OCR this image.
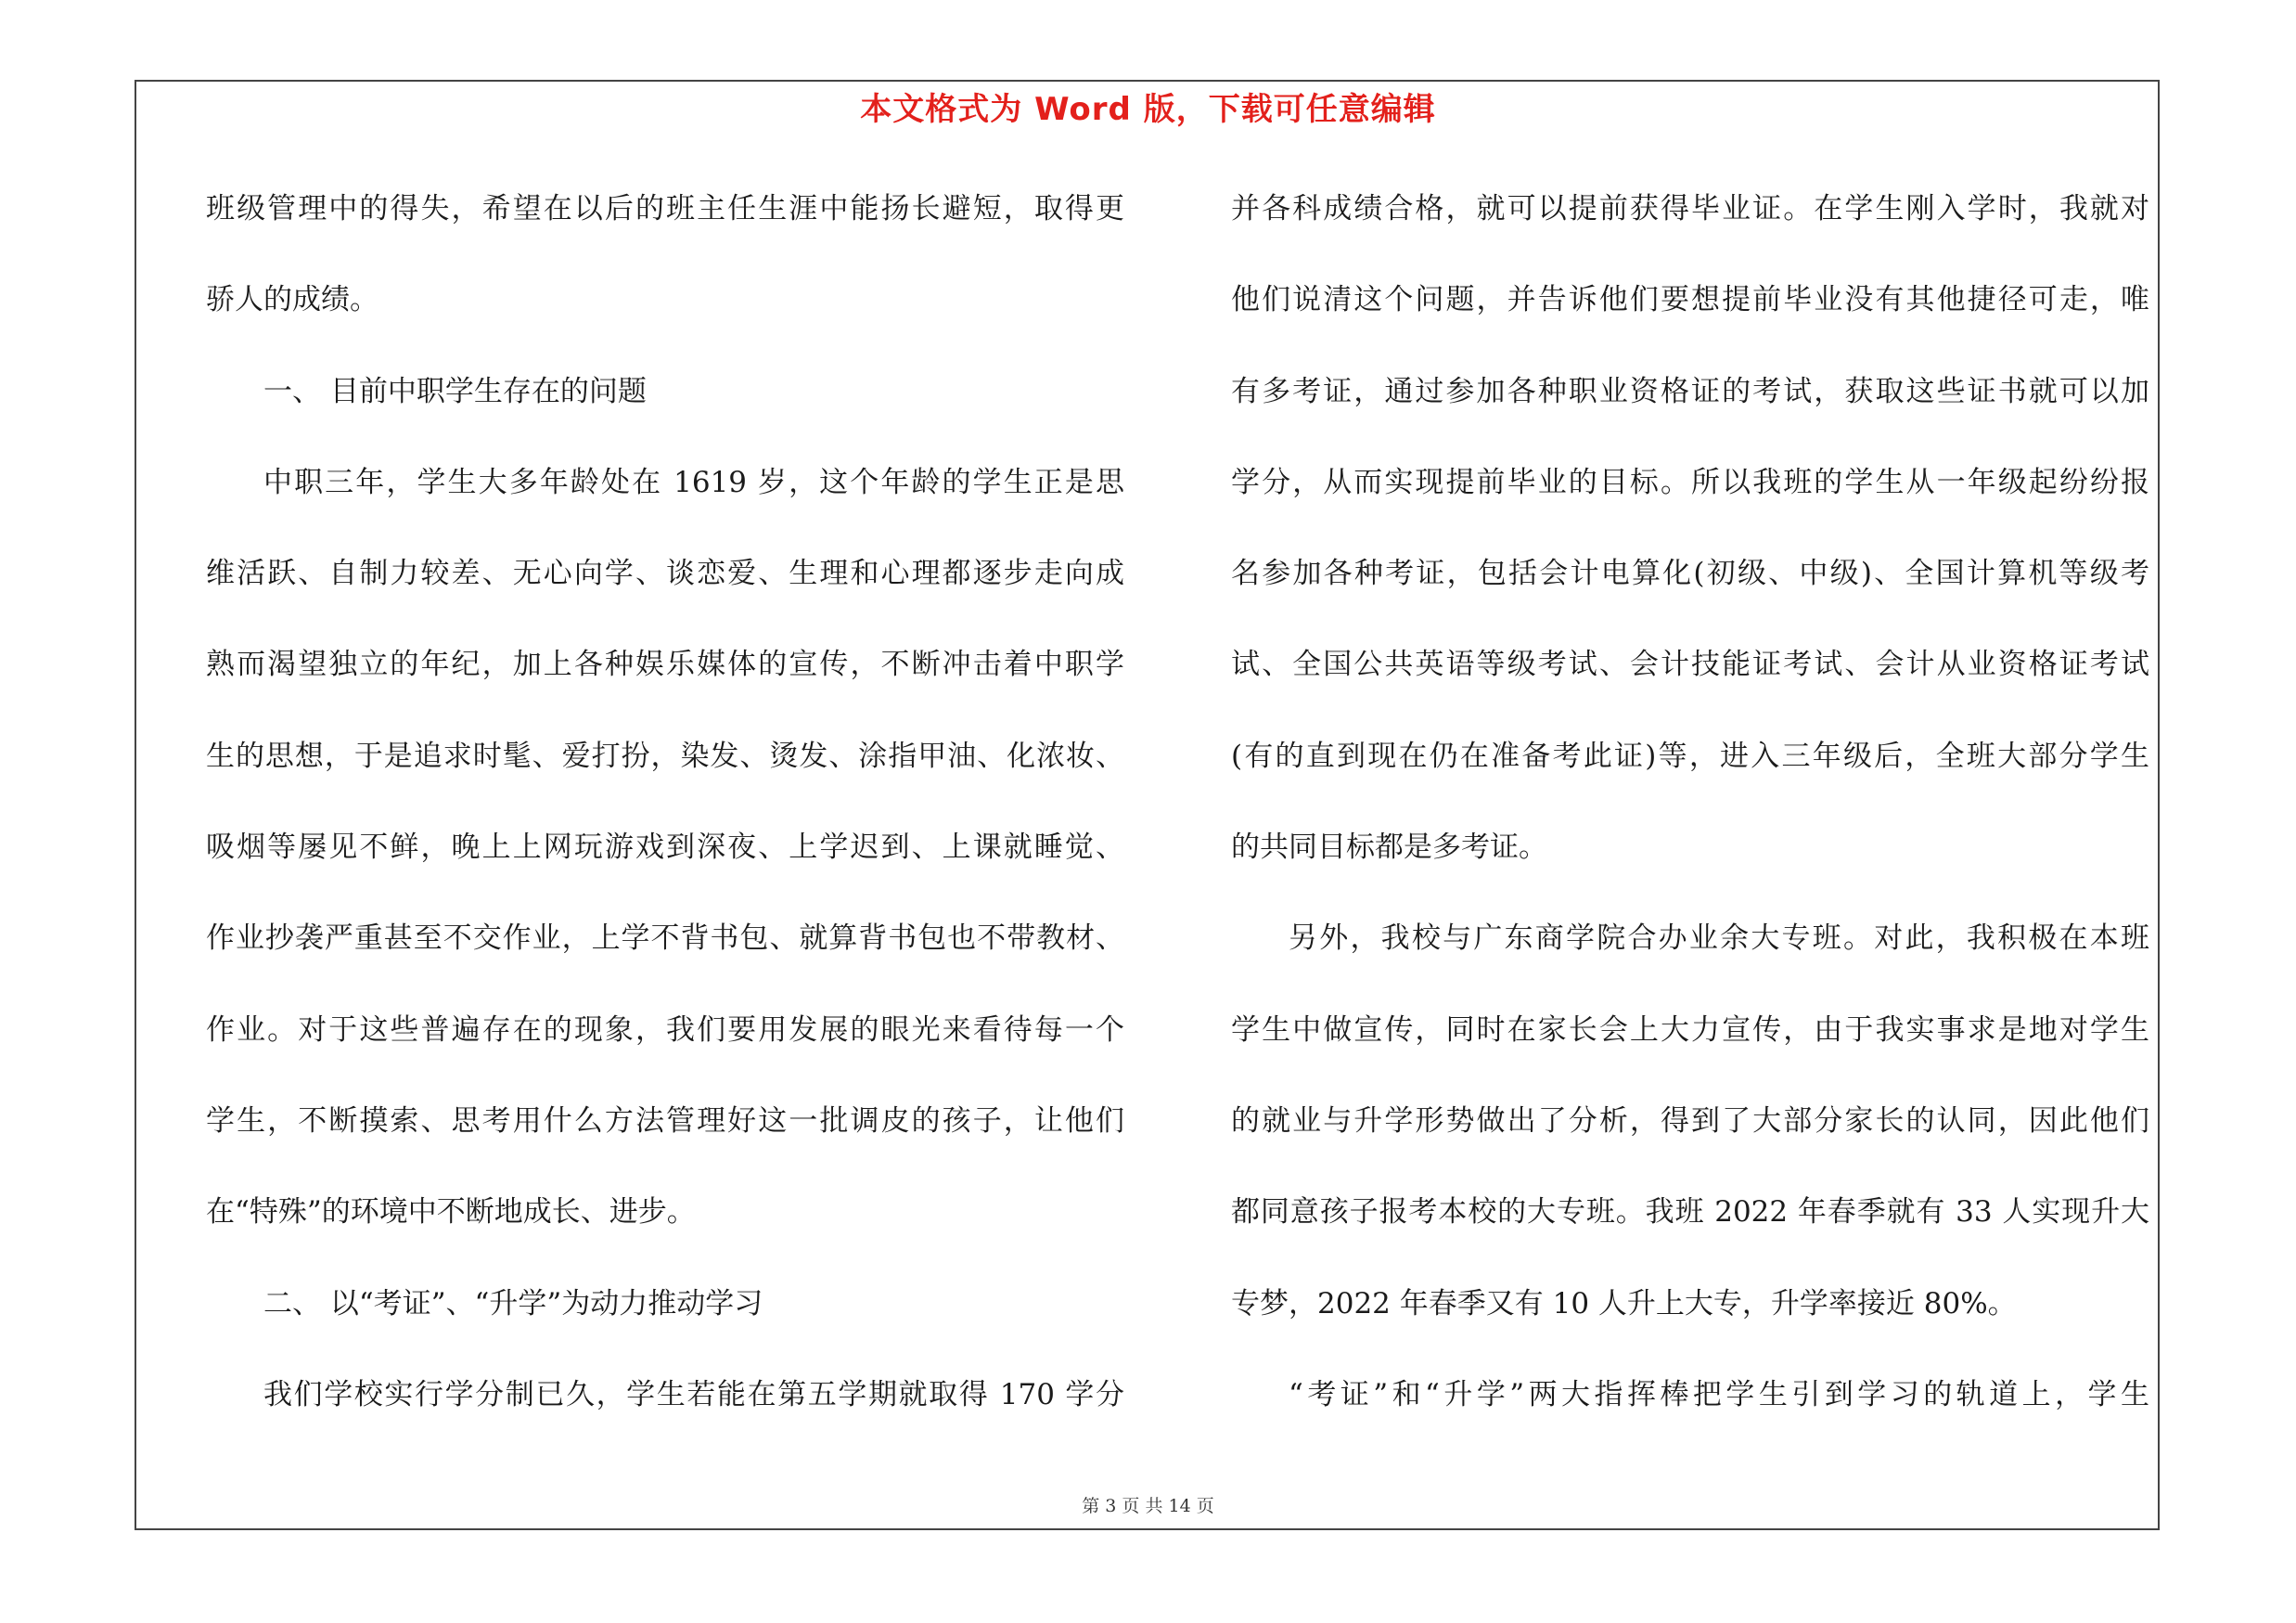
本文格式为 Word 版，下载可任意编辑
班级管理中的得失，希望在以后的班主任生涯中能扬长避短，取得更
骄人的成绩。
一、 目前中职学生存在的问题
中职三年，学生大多年龄处在 1619 岁，这个年龄的学生正是思
维活跃、自制力较差、无心向学、谈恋爱、生理和心理都逐步走向成
熟而渴望独立的年纪，加上各种娱乐媒体的宣传，不断冲击着中职学
生的思想，于是追求时髦、爱打扮，染发、烫发、涂指甲油、化浓妆、
吸烟等屡见不鲜，晚上上网玩游戏到深夜、上学迟到、上课就睡觉、
作业抄袭严重甚至不交作业，上学不背书包、就算背书包也不带教材、
作业。对于这些普遍存在的现象，我们要用发展的眼光来看待每一个
学生，不断摸索、思考用什么方法管理好这一批调皮的孩子，让他们
在“特殊”的环境中不断地成长、进步。
二、 以“考证”、“升学”为动力推动学习
我们学校实行学分制已久，学生若能在第五学期就取得 170 学分
并各科成绩合格，就可以提前获得毕业证。在学生刚入学时，我就对
他们说清这个问题，并告诉他们要想提前毕业没有其他捷径可走，唯
有多考证，通过参加各种职业资格证的考试，获取这些证书就可以加
学分，从而实现提前毕业的目标。所以我班的学生从一年级起纷纷报
名参加各种考证，包括会计电算化(初级、中级)、全国计算机等级考
试、全国公共英语等级考试、会计技能证考试、会计从业资格证考试
(有的直到现在仍在准备考此证)等，进入三年级后，全班大部分学生
的共同目标都是多考证。
另外，我校与广东商学院合办业余大专班。对此，我积极在本班
学生中做宣传，同时在家长会上大力宣传，由于我实事求是地对学生
的就业与升学形势做出了分析，得到了大部分家长的认同，因此他们
都同意孩子报考本校的大专班。我班 2022 年春季就有 33 人实现升大
专梦，2022 年春季又有 10 人升上大专，升学率接近 80%。
“考证”和“升学”两大指挥棒把学生引到学习的轨道上，学生
第 3 页 共 14 页
